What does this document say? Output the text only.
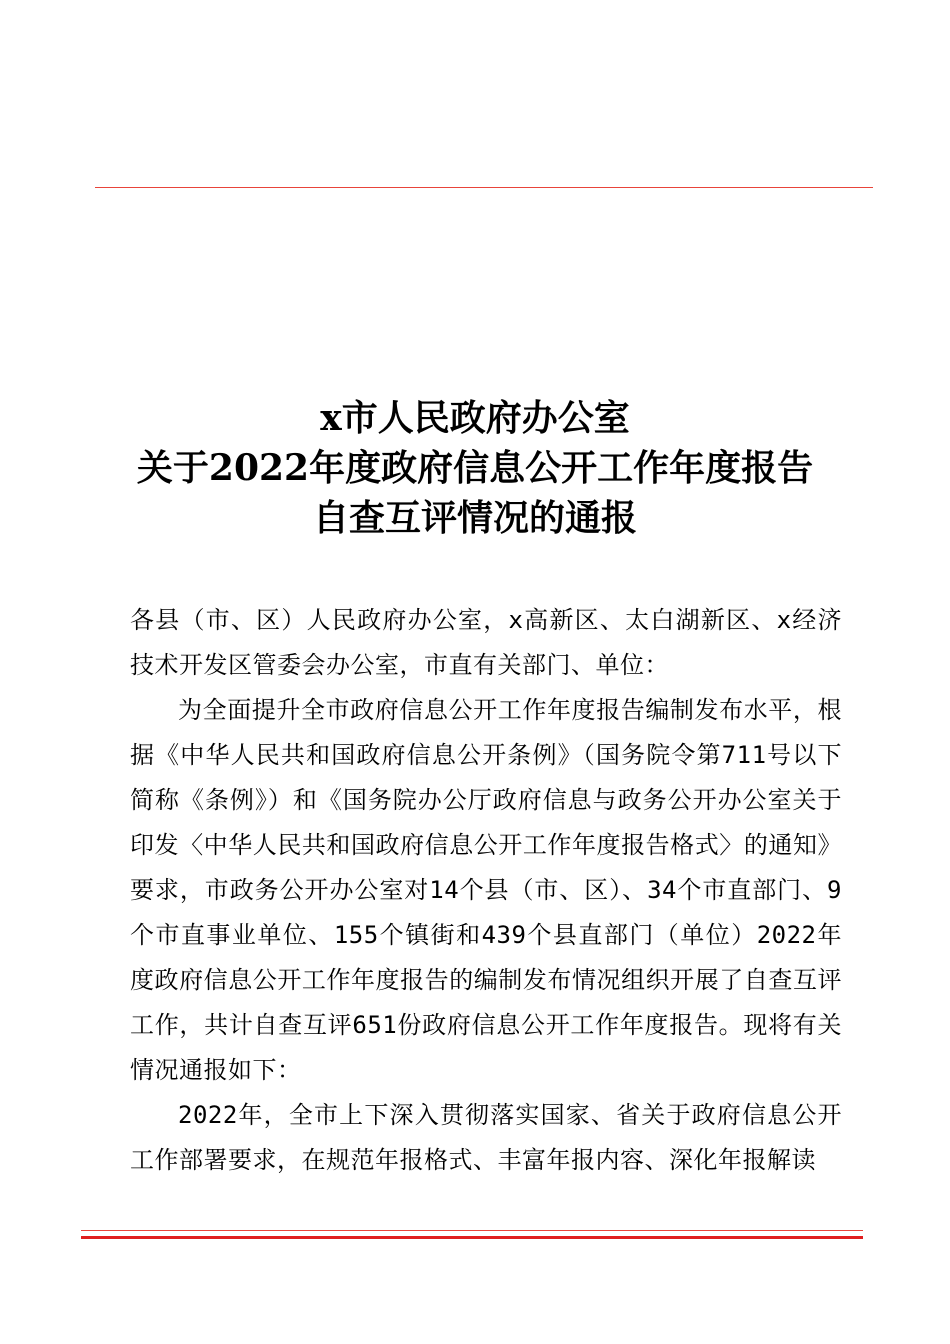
x市人民政府办公室
关于2022年度政府信息公开工作年度报告
自查互评情况的通报

各县（市、区）人民政府办公室，x高新区、太白湖新区、x经济技术开发区管委会办公室，市直有关部门、单位：

为全面提升全市政府信息公开工作年度报告编制发布水平，根据《中华人民共和国政府信息公开条例》（国务院令第711号以下简称《条例》）和《国务院办公厅政府信息与政务公开办公室关于印发〈中华人民共和国政府信息公开工作年度报告格式〉的通知》要求，市政务公开办公室对14个县（市、区）、34个市直部门、9个市直事业单位、155个镇街和439个县直部门（单位）2022年度政府信息公开工作年度报告的编制发布情况组织开展了自查互评工作，共计自查互评651份政府信息公开工作年度报告。现将有关情况通报如下：

2022年，全市上下深入贯彻落实国家、省关于政府信息公开工作部署要求，在规范年报格式、丰富年报内容、深化年报解读
